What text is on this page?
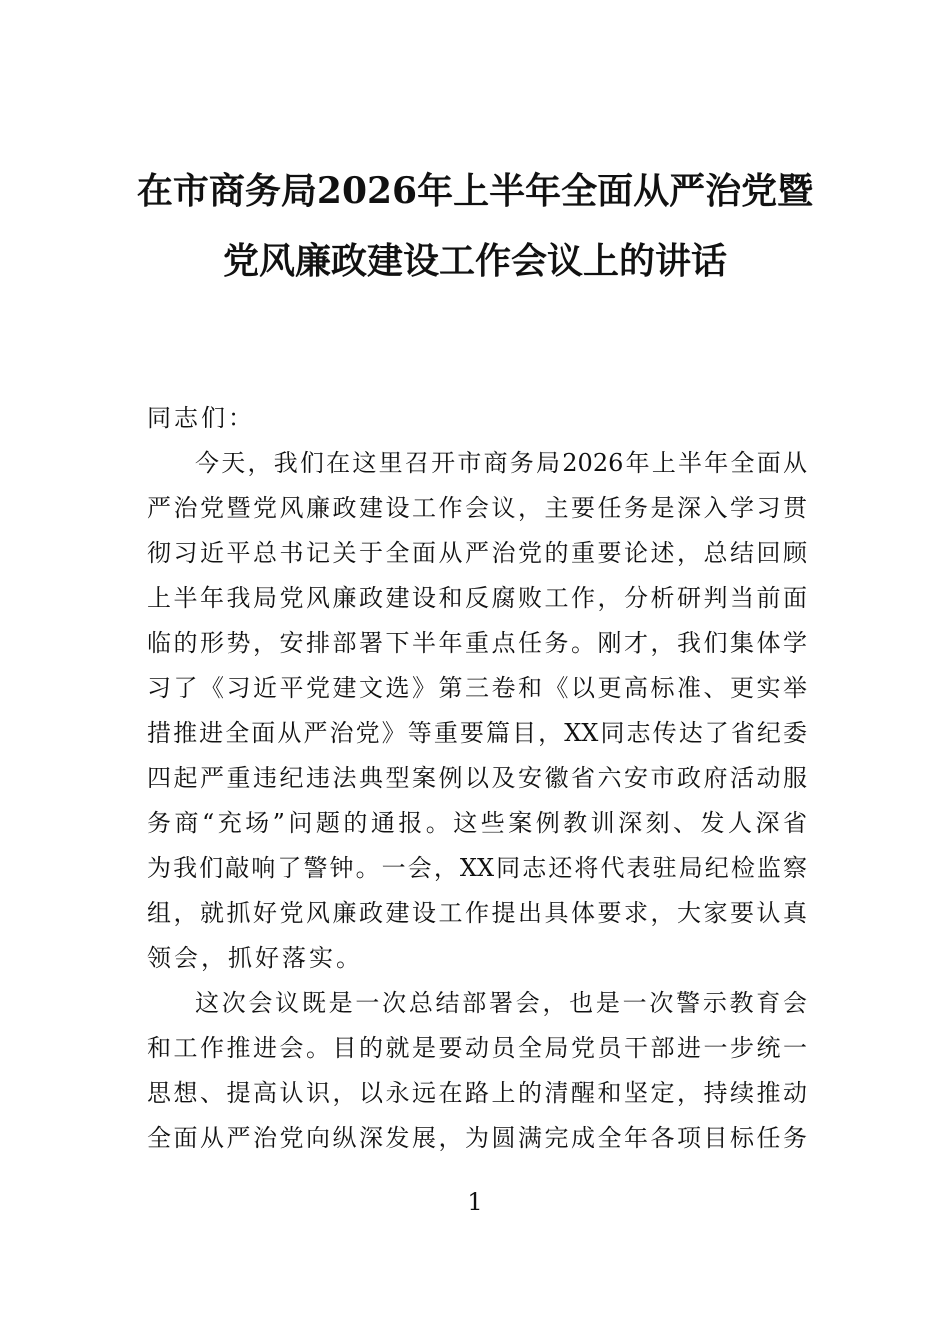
在市商务局2026年上半年全面从严治党暨
党风廉政建设工作会议上的讲话
同志们：
今天，我们在这里召开市商务局2026年上半年全面从
严治党暨党风廉政建设工作会议，主要任务是深入学习贯
彻习近平总书记关于全面从严治党的重要论述，总结回顾
上半年我局党风廉政建设和反腐败工作，分析研判当前面
临的形势，安排部署下半年重点任务。刚才，我们集体学
习了《习近平党建文选》第三卷和《以更高标准、更实举
措推进全面从严治党》等重要篇目，XX同志传达了省纪委
四起严重违纪违法典型案例以及安徽省六安市政府活动服
务商“充场”问题的通报。这些案例教训深刻、发人深省
为我们敲响了警钟。一会，XX同志还将代表驻局纪检监察
组，就抓好党风廉政建设工作提出具体要求，大家要认真
领会，抓好落实。
这次会议既是一次总结部署会，也是一次警示教育会
和工作推进会。目的就是要动员全局党员干部进一步统一
思想、提高认识，以永远在路上的清醒和坚定，持续推动
全面从严治党向纵深发展，为圆满完成全年各项目标任务
1
